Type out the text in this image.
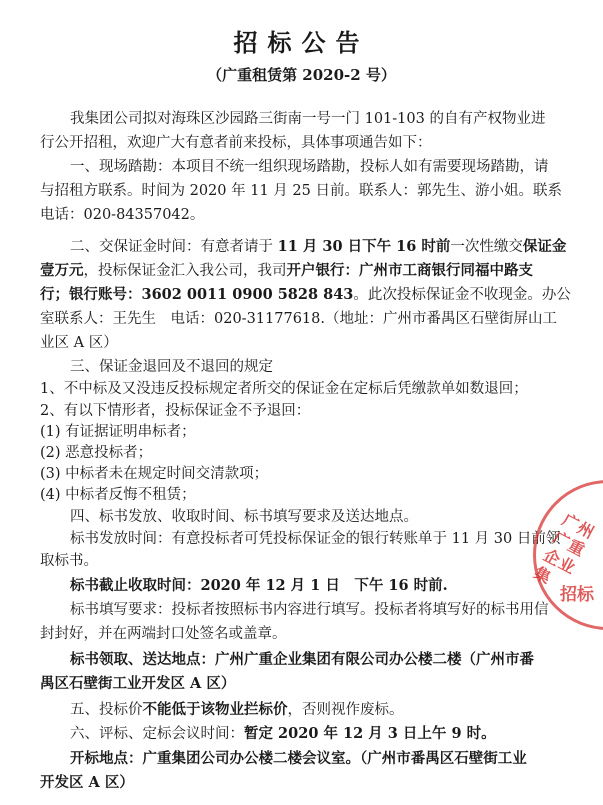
招标公告
（广重租赁第 2020-2 号）
我集团公司拟对海珠区沙园路三街南一号一门 101-103 的自有产权物业进
行公开招租，欢迎广大有意者前来投标，具体事项通告如下：
一、现场踏勘：本项目不统一组织现场踏勘，投标人如有需要现场踏勘，请
与招租方联系。时间为 2020 年 11 月 25 日前。联系人：郭先生、游小姐。联系
电话：020-84357042。
二、交保证金时间：有意者请于 11 月 30 日下午 16 时前一次性缴交保证金
壹万元，投标保证金汇入我公司，我司开户银行：广州市工商银行同福中路支
行；银行账号：3602 0011 0900 5828 843。此次投标保证金不收现金。办公
室联系人：王先生　电话：020-31177618.（地址：广州市番禺区石壁街屏山工
业区 A 区）
三、保证金退回及不退回的规定
1、不中标及又没违反投标规定者所交的保证金在定标后凭缴款单如数退回；
2、有以下情形者，投标保证金不予退回：
(1) 有证据证明串标者；
(2) 恶意投标者；
(3) 中标者未在规定时间交清款项；
(4) 中标者反悔不租赁；
四、标书发放、收取时间、标书填写要求及送达地点。
标书发放时间：有意投标者可凭投标保证金的银行转账单于 11 月 30 日前领
取标书。
标书截止收取时间：2020 年 12 月 1 日　下午 16 时前.
标书填写要求：投标者按照标书内容进行填写。投标者将填写好的标书用信
封封好，并在两端封口处签名或盖章。
标书领取、送达地点：广州广重企业集团有限公司办公楼二楼（广州市番
禺区石壁街工业开发区 A 区）
五、投标价不能低于该物业拦标价，否则视作废标。
六、评标、定标会议时间：暂定 2020 年 12 月 3 日上午 9 时。
开标地点：广重集团公司办公楼二楼会议室。（广州市番禺区石壁街工业
开发区 A 区）
广州广重企业集
招标
